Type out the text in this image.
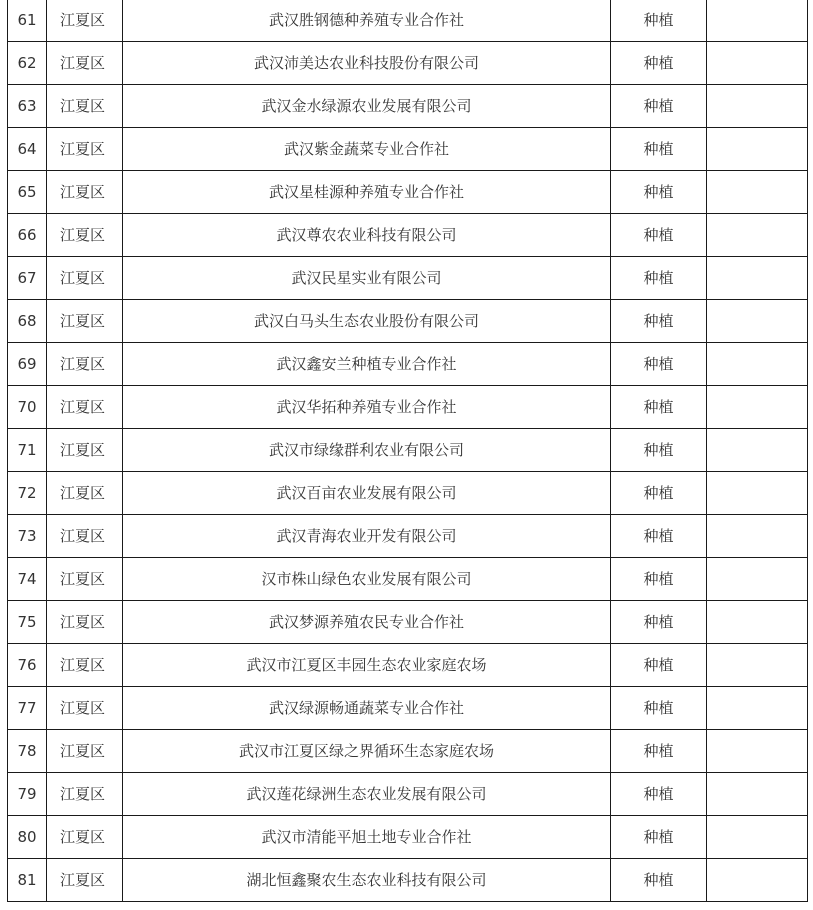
61	江夏区	武汉胜钢德种养殖专业合作社	种植	
62	江夏区	武汉沛美达农业科技股份有限公司	种植	
63	江夏区	武汉金水绿源农业发展有限公司	种植	
64	江夏区	武汉紫金蔬菜专业合作社	种植	
65	江夏区	武汉星桂源种养殖专业合作社	种植	
66	江夏区	武汉尊农农业科技有限公司	种植	
67	江夏区	武汉民星实业有限公司	种植	
68	江夏区	武汉白马头生态农业股份有限公司	种植	
69	江夏区	武汉鑫安兰种植专业合作社	种植	
70	江夏区	武汉华拓种养殖专业合作社	种植	
71	江夏区	武汉市绿缘群利农业有限公司	种植	
72	江夏区	武汉百亩农业发展有限公司	种植	
73	江夏区	武汉青海农业开发有限公司	种植	
74	江夏区	汉市株山绿色农业发展有限公司	种植	
75	江夏区	武汉梦源养殖农民专业合作社	种植	
76	江夏区	武汉市江夏区丰园生态农业家庭农场	种植	
77	江夏区	武汉绿源畅通蔬菜专业合作社	种植	
78	江夏区	武汉市江夏区绿之界循环生态家庭农场	种植	
79	江夏区	武汉莲花绿洲生态农业发展有限公司	种植	
80	江夏区	武汉市清能平旭土地专业合作社	种植	
81	江夏区	湖北恒鑫聚农生态农业科技有限公司	种植	
